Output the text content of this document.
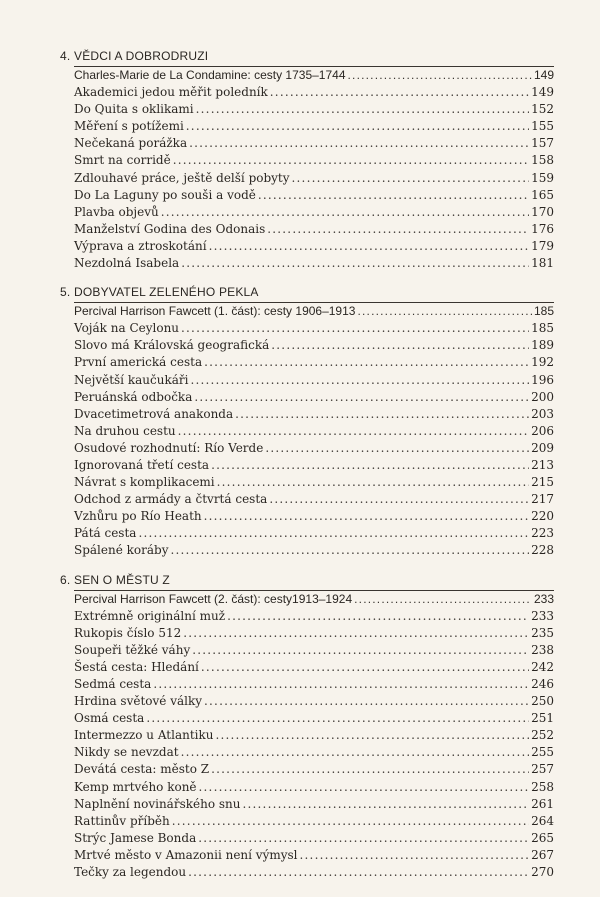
4. VĚDCI A DOBRODRUZI
Charles-Marie de La Condamine: cesty 1735–1744 .....	149
Akademici jedou měřit poledník .....	149
Do Quita s oklikami .....	152
Měření s potížemi .....	155
Nečekaná porážka .....	157
Smrt na corridě .....	158
Zdlouhavé práce, ještě delší pobyty .....	159
Do La Laguny po souši a vodě .....	165
Plavba objevů .....	170
Manželství Godina des Odonais .....	176
Výprava a ztroskotání .....	179
Nezdolná Isabela .....	181
5. DOBYVATEL ZELENÉHO PEKLA
Percival Harrison Fawcett (1. část): cesty 1906–1913 .....	185
Voják na Ceylonu .....	185
Slovo má Královská geografická .....	189
První americká cesta .....	192
Největší kaučukáři .....	196
Peruánská odbočka .....	200
Dvacetimetrová anakonda .....	203
Na druhou cestu .....	206
Osudové rozhodnutí: Río Verde .....	209
Ignorovaná třetí cesta .....	213
Návrat s komplikacemi .....	215
Odchod z armády a čtvrtá cesta .....	217
Vzhůru po Río Heath .....	220
Pátá cesta .....	223
Spálené koráby .....	228
6. SEN O MĚSTU Z
Percival Harrison Fawcett (2. část): cesty1913–1924 .....	233
Extrémně originální muž .....	233
Rukopis číslo 512 .....	235
Soupeři těžké váhy .....	238
Šestá cesta: Hledání .....	242
Sedmá cesta .....	246
Hrdina světové války .....	250
Osmá cesta .....	251
Intermezzo u Atlantiku .....	252
Nikdy se nevzdat .....	255
Devátá cesta: město Z .....	257
Kemp mrtvého koně .....	258
Naplnění novinářského snu .....	261
Rattinův příběh .....	264
Strýc Jamese Bonda .....	265
Mrtvé město v Amazonii není výmysl .....	267
Tečky za legendou .....	270
